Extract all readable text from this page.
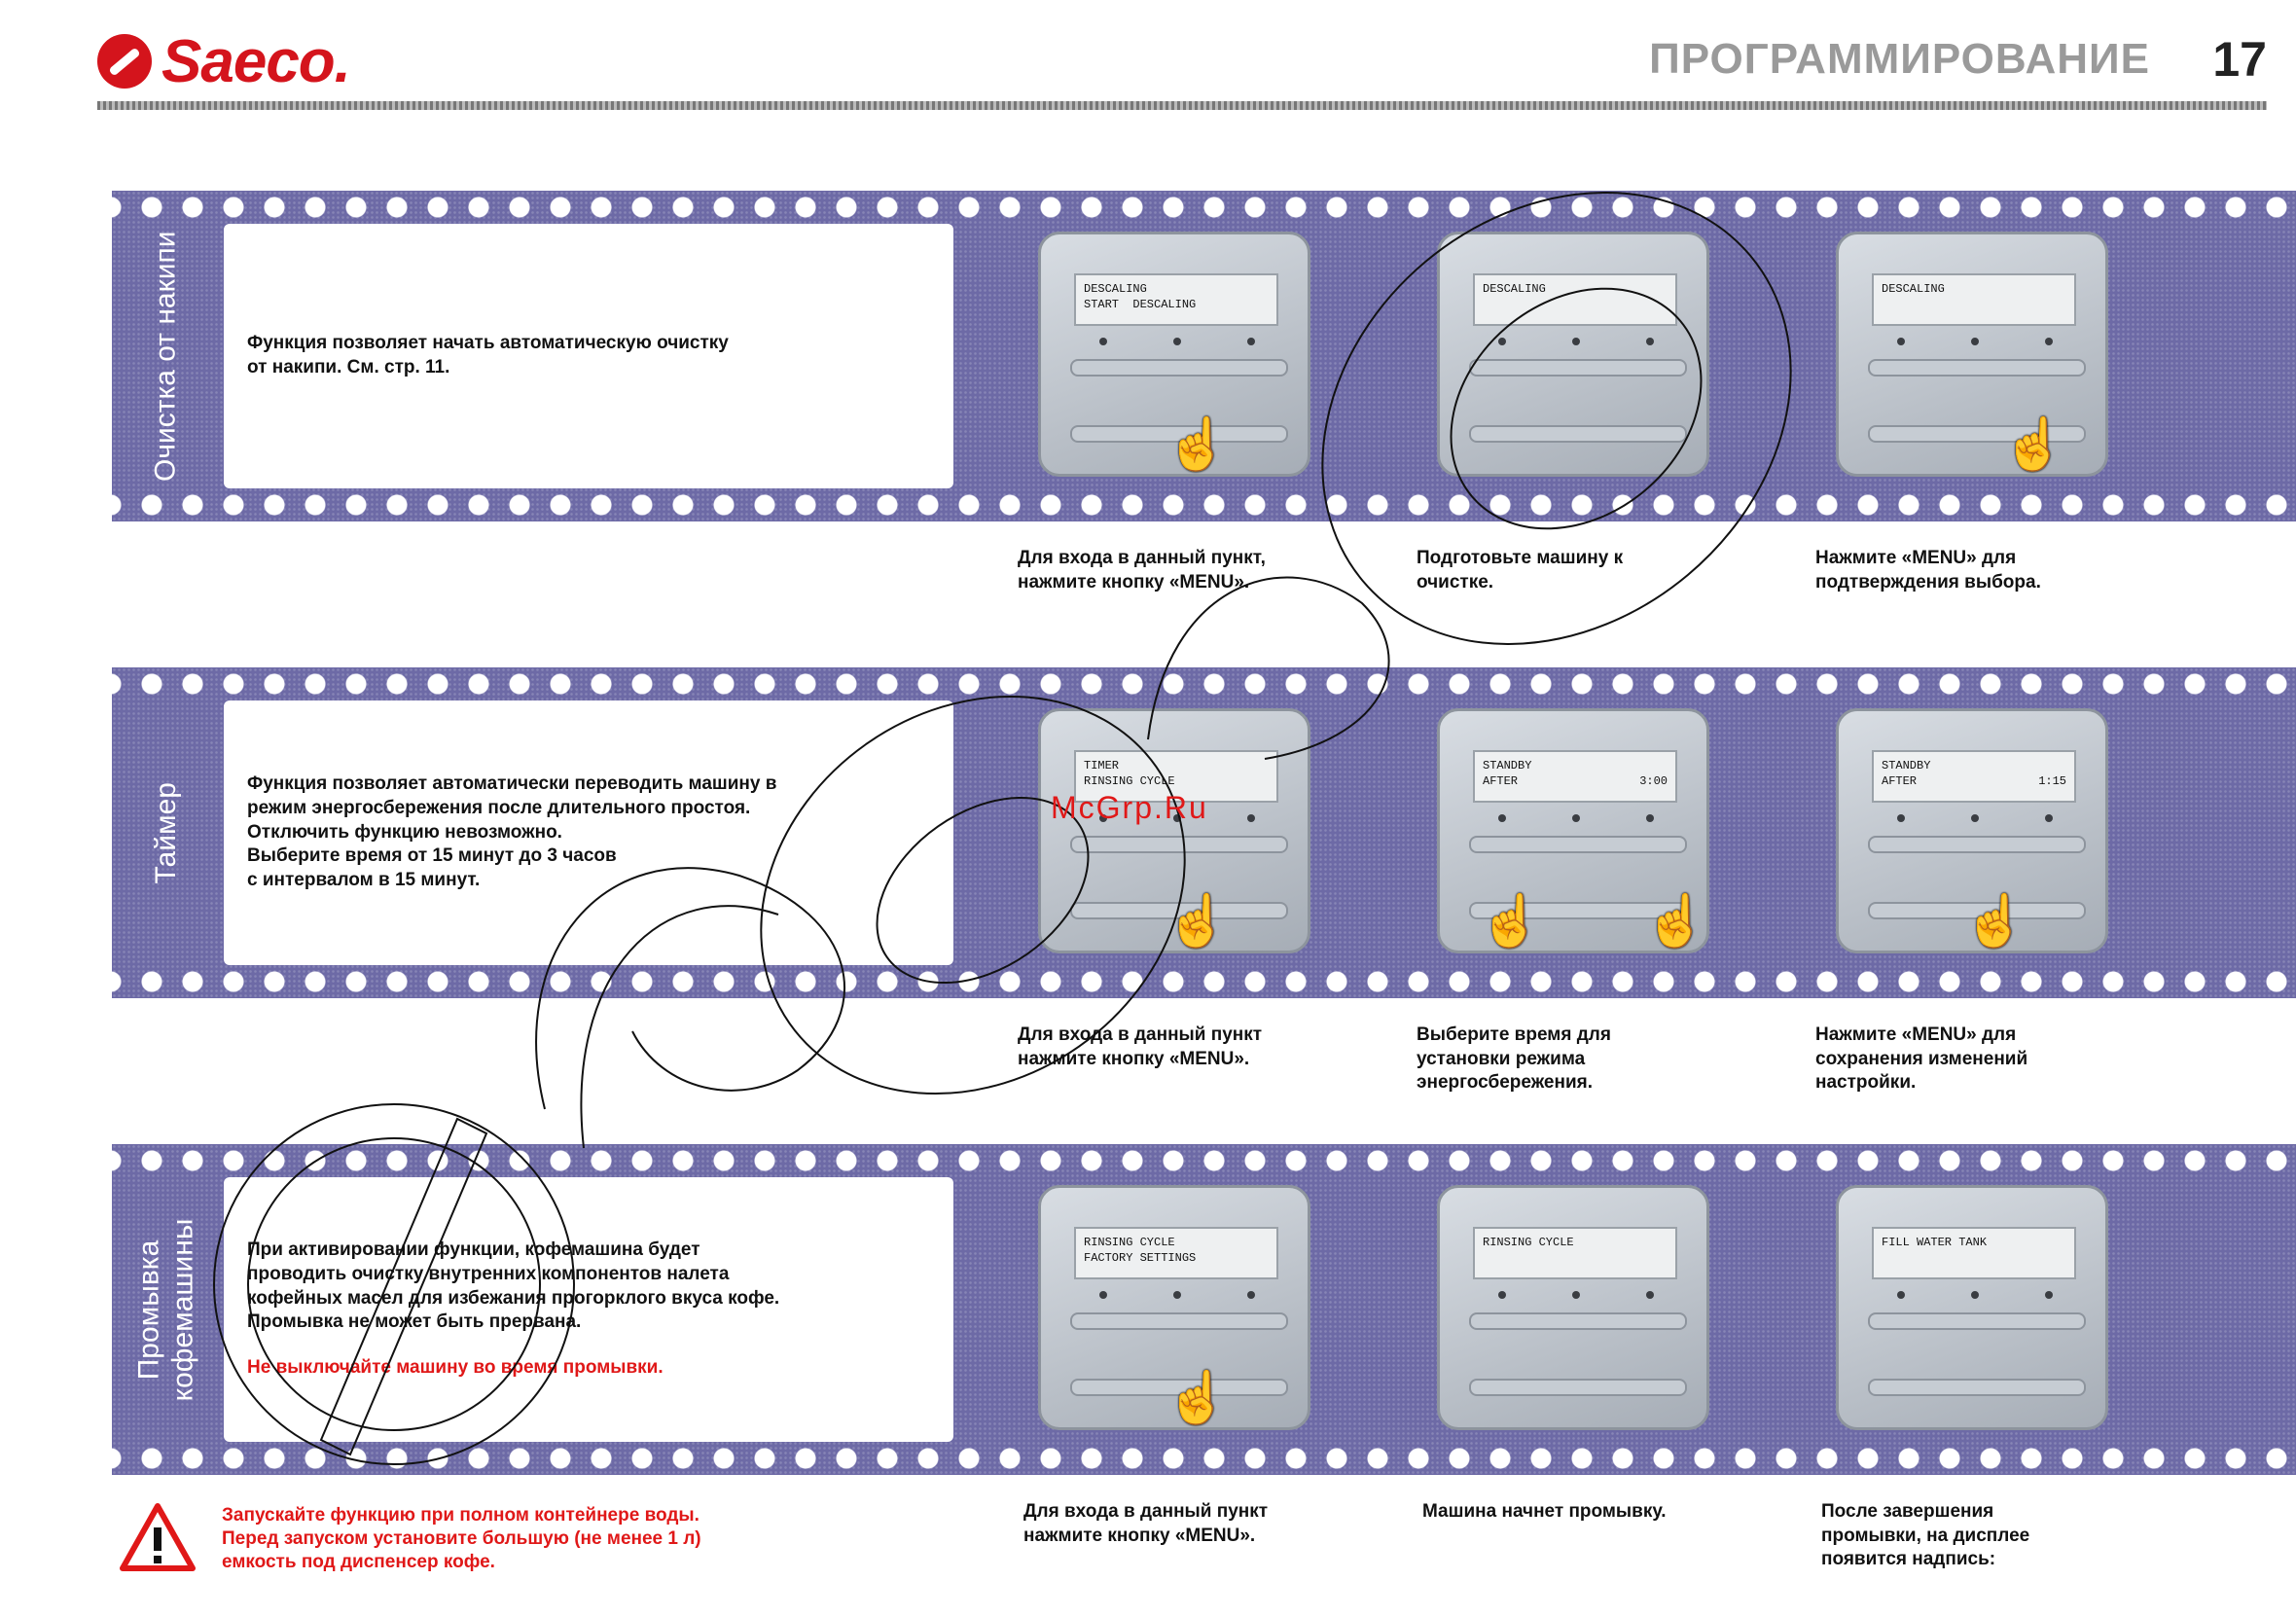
Saeco.	ПРОГРАММИРОВАНИЕ 17
Очистка от накипи	Функция позволяет начать автоматическую очистку
от накипи. См. стр. 11.

DESCALING
START  DESCALING
☝
DESCALING	DESCALING
☝
Для входа в данный пункт,
нажмите кнопку «MENU».
Подготовьте машину к
очистке.
Нажмите «MENU» для
подтверждения выбора.
Таймер	Функция позволяет автоматически переводить машину в
режим энергосбережения после длительного простоя.
Отключить функцию невозможно.
Выберите время от 15 минут до 3 часов
с интервалом в 15 минут.

TIMER
RINSING CYCLE
☝
STANDBY
AFTER	3:00
☝ ☝
STANDBY
AFTER	1:15
☝
Для входа в данный пункт
нажмите кнопку «MENU».
Выберите время для
установки режима
энергосбережения.
Нажмите «MENU» для
сохранения изменений
настройки.
Промывка
кофемашины	При активировании функции, кофемашина будет
проводить очистку внутренних компонентов налета
кофейных масел для избежания прогорклого вкуса кофе.
Промывка не может быть прервана.

Не выключайте машину во время промывки.

RINSING CYCLE
FACTORY SETTINGS
☝
RINSING CYCLE	FILL WATER TANK
Для входа в данный пункт
нажмите кнопку «MENU».
Машина начнет промывку.	После завершения
промывки, на дисплее
появится надпись:
Запускайте функцию при полном контейнере воды.
Перед запуском установите большую (не менее 1 л)
емкость под диспенсер кофе.
McGrp.Ru
